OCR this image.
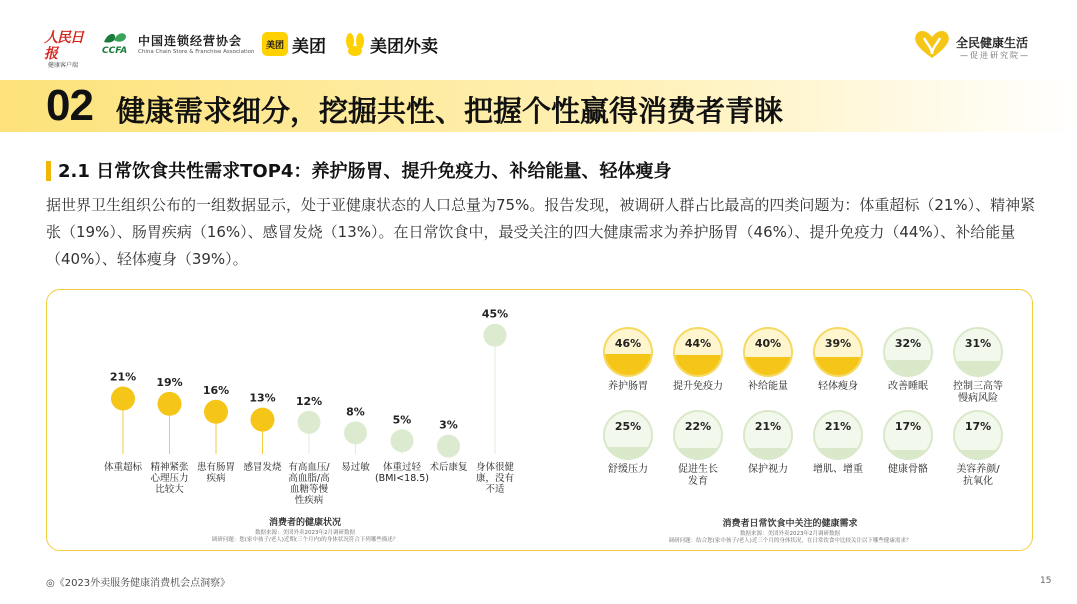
人民日报
健康客户端
CCFA
中国连锁经营协会
China Chain Store & Franchise Association
美团 美团	美团外卖	全民健康生活
—促进研究院—
02 健康需求细分，挖掘共性、把握个性赢得消费者青睐
2.1 日常饮食共性需求TOP4：养护肠胃、提升免疫力、补给能量、轻体瘦身
据世界卫生组织公布的一组数据显示，处于亚健康状态的人口总量为75%。报告发现，被调研人群占比最高的四类问题为：体重超标（21%）、精神紧张（19%）、肠胃疾病（16%）、感冒发烧（13%）。在日常饮食中，最受关注的四大健康需求为养护肠胃（46%）、提升免疫力（44%）、补给能量（40%）、轻体瘦身（39%）。
21%
体重超标
19%
精神紧张心理压力比较大
16%
患有肠胃疾病
13%
感冒发烧
12%
有高血压/高血脂/高血糖等慢性疾病
8%
易过敏
5%
体重过轻(BMI<18.5)
3%
术后康复
45%
身体很健康，没有不适
消费者的健康状况
数据来源：美团外卖2023年2月调研数据
调研问题：您(家中孩子/老人)近期(三个月内)的身体状况符合下列哪些描述？
46%
养护肠胃
44%
提升免疫力
40%
补给能量
39%
轻体瘦身
32%
改善睡眠
31%
控制三高等
慢病风险
25%
舒缓压力
22%
促进生长
发育
21%
保护视力
21%
增肌、增重
17%
健康骨骼
17%
美容养颜/
抗氧化
消费者日常饮食中关注的健康需求
数据来源：美团外卖2023年2月调研数据
调研问题：结合您(家中孩子/老人)近三个月的身体状况，在日常饮食中比较关注以下哪些健康需求？
◎《2023外卖服务健康消费机会点洞察》	15
